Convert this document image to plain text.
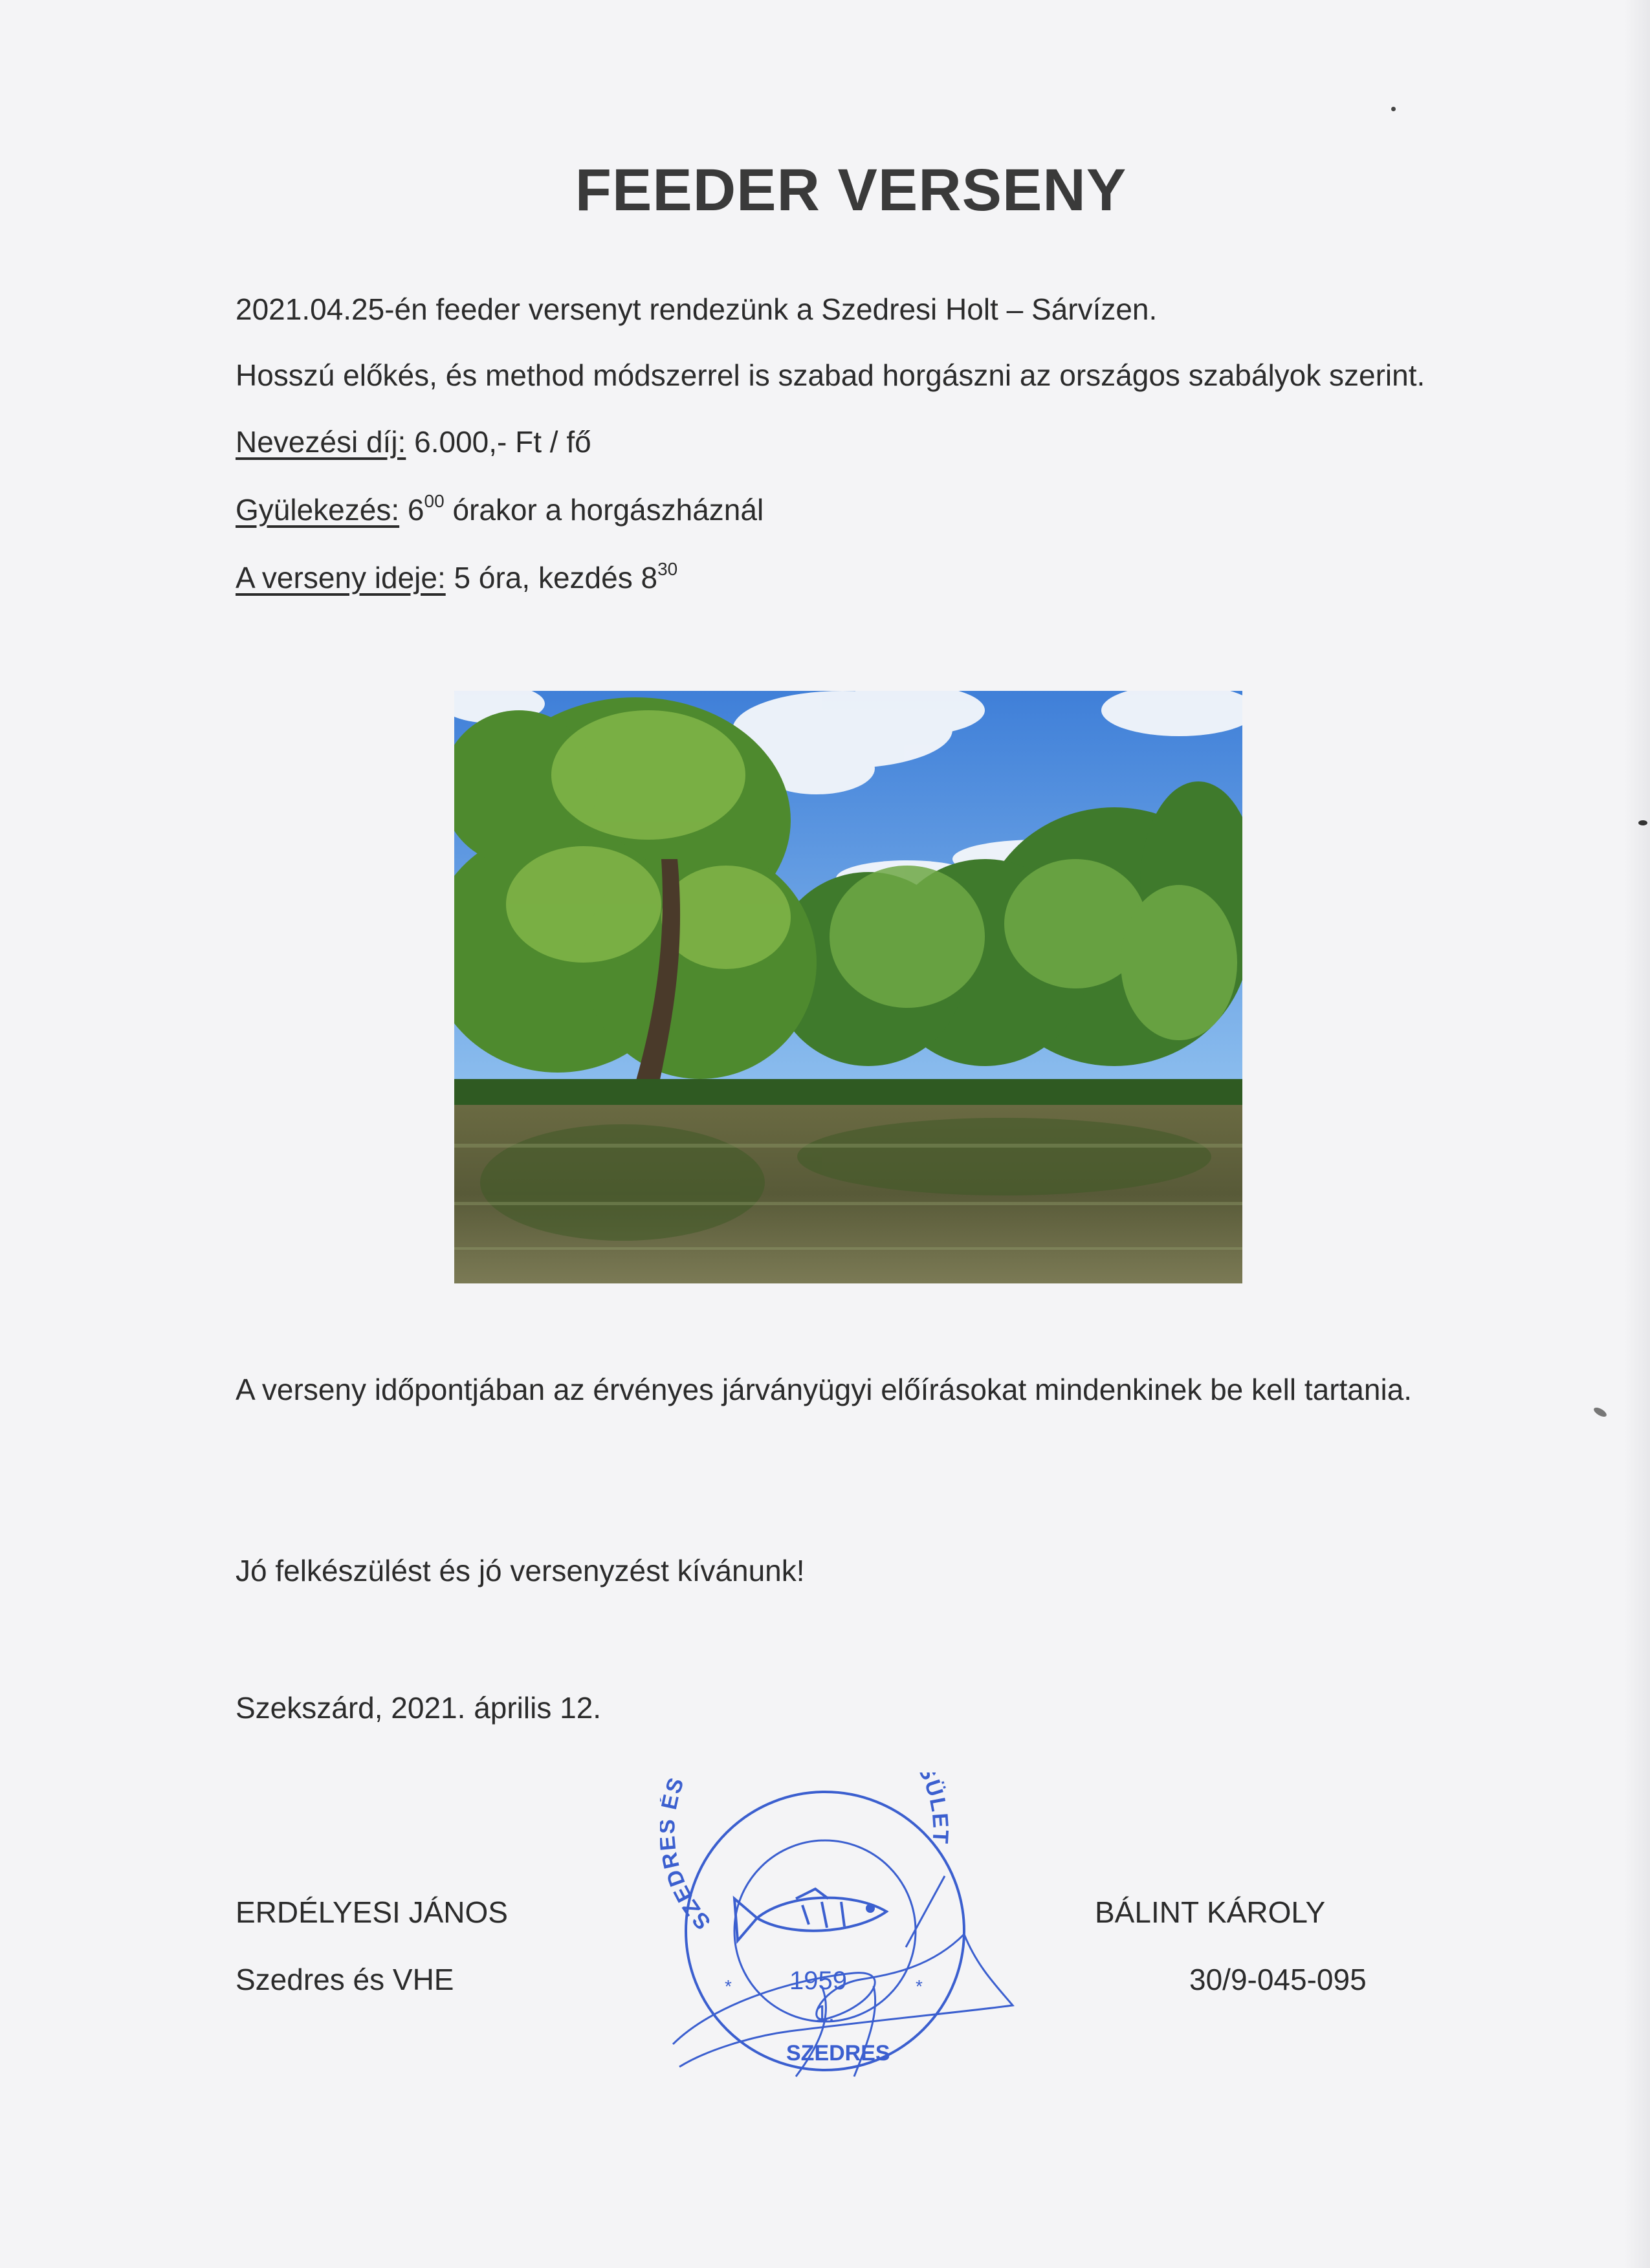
FEEDER VERSENY
2021.04.25-én feeder versenyt rendezünk a Szedresi Holt – Sárvízen.
Hosszú előkés, és method módszerrel is szabad horgászni az országos szabályok szerint.
Nevezési díj: 6.000,- Ft / fő
Gyülekezés: $6^{00}$ órakor a horgászháznál
A verseny ideje: 5 óra, kezdés $8^{30}$
A verseny időpontjában az érvényes járványügyi előírásokat mindenkinek be kell tartania.
Jó felkészülést és jó versenyzést kívánunk!
Szekszárd, 2021. április 12.
ERDÉLYESI JÁNOS
Szedres és VHE
BÁLINT KÁROLY
30/9-045-095
SZED S ÜLET
1959
1.
SZEDRES
*	*
